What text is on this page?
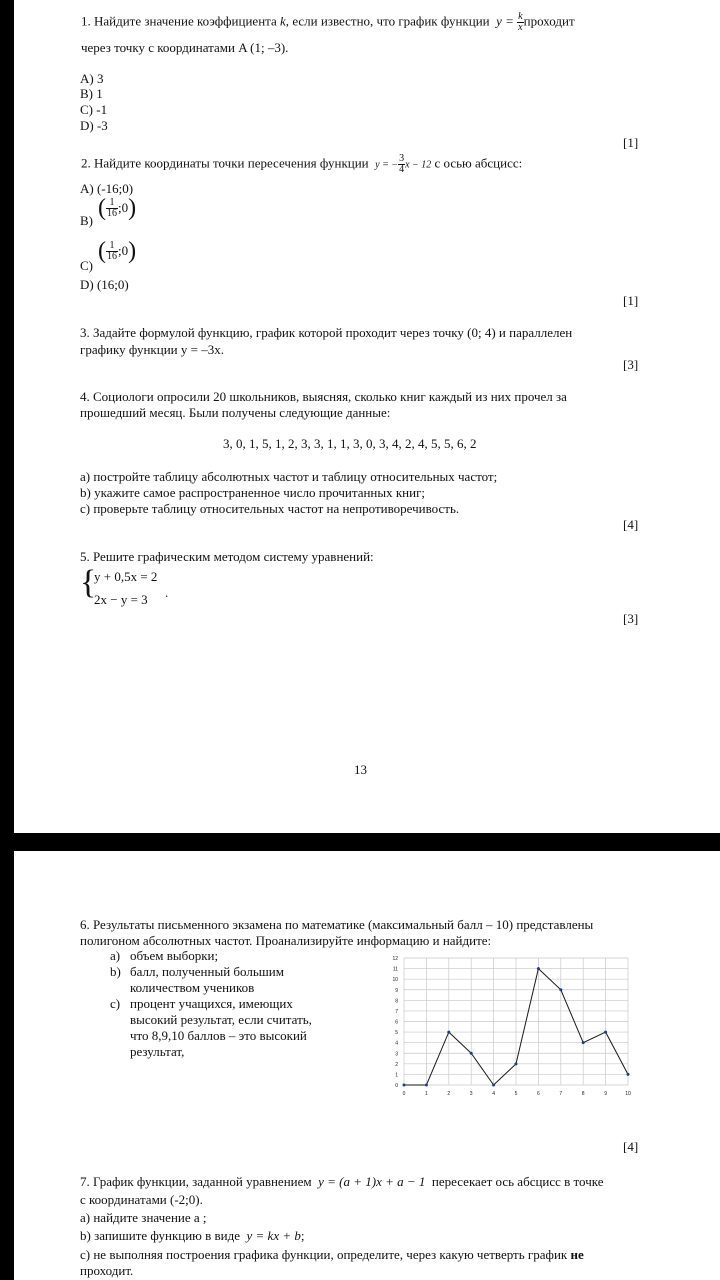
1. Найдите значение коэффициента k, если известно, что график функции $y = \frac{k}{x}$ проходит
через точку с координатами A (1; –3).
A) 3
B) 1
C) -1
D) -3
[1]
2. Найдите координаты точки пересечения функции y = − $\frac{3}{4}$ x − 12 с осью абсцисс:
A) (-16;0)
B) ( $\frac{1}{16}$ ;0 )
C)
( $\frac{1}{16}$ ;0 )
D) (16;0)
[1]
3. Задайте формулой функцию, график которой проходит через точку (0; 4) и параллелен
графику функции y = –3x.
[3]
4. Социологи опросили 20 школьников, выясняя, сколько книг каждый из них прочел за
прошедший месяц. Были получены следующие данные:
3, 0, 1, 5, 1, 2, 3, 3, 1, 1, 3, 0, 3, 4, 2, 4, 5, 5, 6, 2
a) постройте таблицу абсолютных частот и таблицу относительных частот;
b) укажите самое распространенное число прочитанных книг;
c) проверьте таблицу относительных частот на непротиворечивость.
[4]
5. Решите графическим методом систему уравнений:
{
y + 0,5x = 2
2x − y = 3 .
[3]
13
6. Результаты письменного экзамена по математике (максимальный балл – 10) представлены
полигоном абсолютных частот. Проанализируйте информацию и найдите:
a) объем выборки;
b) балл, полученный большим
количеством учеников
c) процент учащихся, имеющих
высокий результат, если считать,
что 8,9,10 баллов – это высокий
результат,
0
1
2
3
4
5
6
7
8
9
10
11
12
0	1	2	3	4	5	6	7	8	9	10
[4]
7. График функции, заданной уравнением y = (a + 1)x + a − 1 пересекает ось абсцисс в точке
с координатами (-2;0).
a) найдите значение a ;
b) запишите функцию в виде y = kx + b;
c) не выполняя построения графика функции, определите, через какую четверть график не
проходит.
